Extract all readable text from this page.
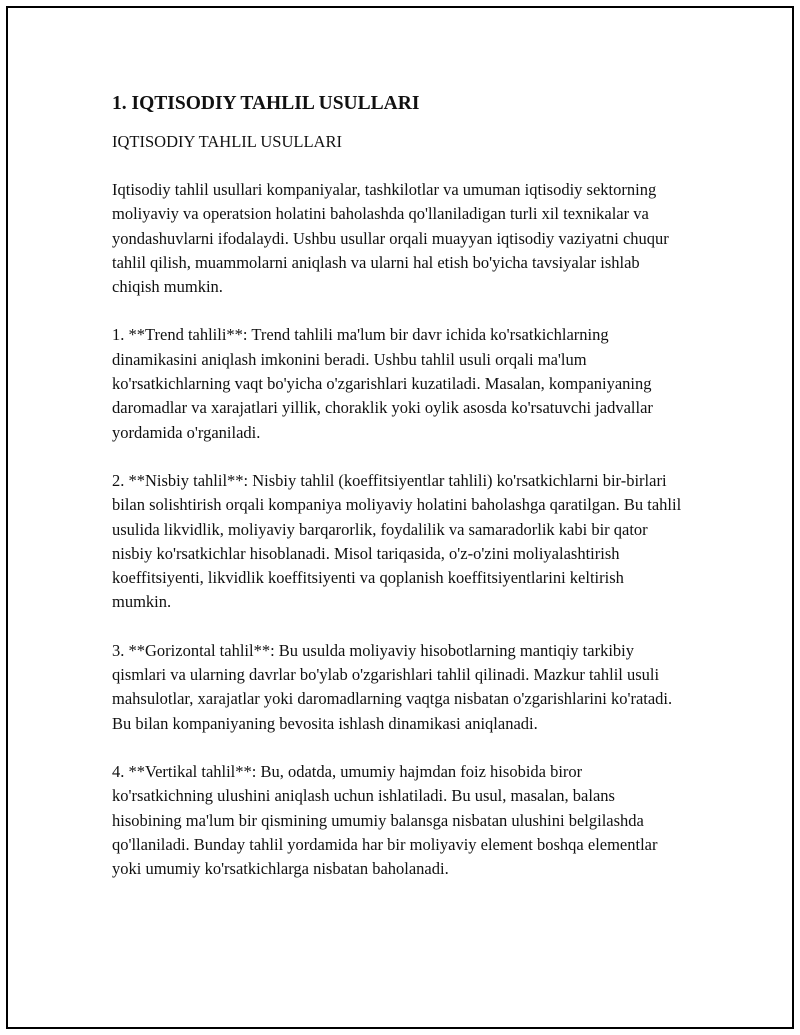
1. IQTISODIY TAHLIL USULLARI

IQTISODIY TAHLIL USULLARI

Iqtisodiy tahlil usullari kompaniyalar, tashkilotlar va umuman iqtisodiy sektorning moliyaviy va operatsion holatini baholashda qo'llaniladigan turli xil texnikalar va yondashuvlarni ifodalaydi. Ushbu usullar orqali muayyan iqtisodiy vaziyatni chuqur tahlil qilish, muammolarni aniqlash va ularni hal etish bo'yicha tavsiyalar ishlab chiqish mumkin.

1. **Trend tahlili**: Trend tahlili ma'lum bir davr ichida ko'rsatkichlarning dinamikasini aniqlash imkonini beradi. Ushbu tahlil usuli orqali ma'lum ko'rsatkichlarning vaqt bo'yicha o'zgarishlari kuzatiladi. Masalan, kompaniyaning daromadlar va xarajatlari yillik, choraklik yoki oylik asosda ko'rsatuvchi jadvallar yordamida o'rganiladi.

2. **Nisbiy tahlil**: Nisbiy tahlil (koeffitsiyentlar tahlili) ko'rsatkichlarni bir-birlari bilan solishtirish orqali kompaniya moliyaviy holatini baholashga qaratilgan. Bu tahlil usulida likvidlik, moliyaviy barqarorlik, foydalilik va samaradorlik kabi bir qator nisbiy ko'rsatkichlar hisoblanadi. Misol tariqasida, o'z-o'zini moliyalashtirish koeffitsiyenti, likvidlik koeffitsiyenti va qoplanish koeffitsiyentlarini keltirish mumkin.

3. **Gorizontal tahlil**: Bu usulda moliyaviy hisobotlarning mantiqiy tarkibiy qismlari va ularning davrlar bo'ylab o'zgarishlari tahlil qilinadi. Mazkur tahlil usuli mahsulotlar, xarajatlar yoki daromadlarning vaqtga nisbatan o'zgarishlarini ko'ratadi. Bu bilan kompaniyaning bevosita ishlash dinamikasi aniqlanadi.

4. **Vertikal tahlil**: Bu, odatda, umumiy hajmdan foiz hisobida biror ko'rsatkichning ulushini aniqlash uchun ishlatiladi. Bu usul, masalan, balans hisobining ma'lum bir qismining umumiy balansga nisbatan ulushini belgilashda qo'llaniladi. Bunday tahlil yordamida har bir moliyaviy element boshqa elementlar yoki umumiy ko'rsatkichlarga nisbatan baholanadi.
